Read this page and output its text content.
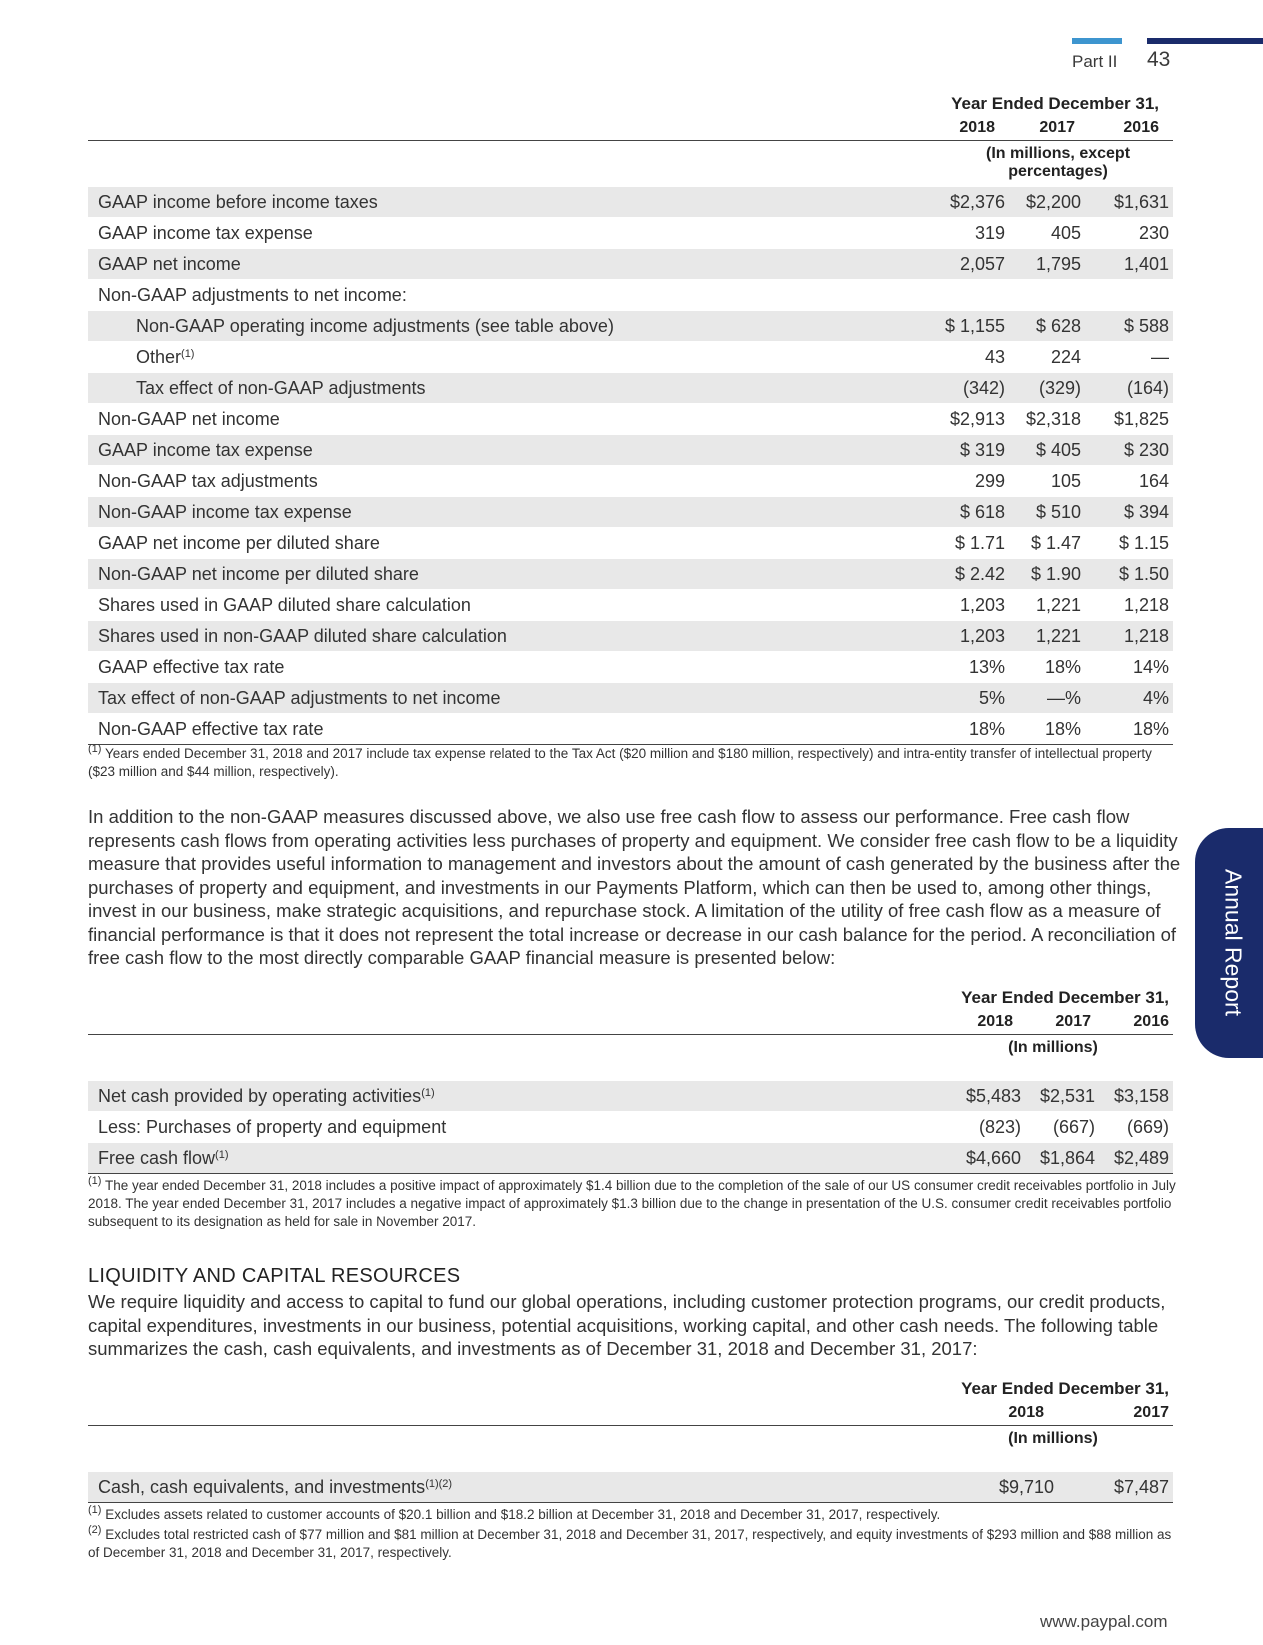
Part II 43
Annual Report
	Year Ended December 31,		
	2018	2017	2016
	(In millions, except percentages)		
GAAP income before income taxes	$2,376	$2,200	$1,631
GAAP income tax expense	319	405	230
GAAP net income	2,057	1,795	1,401
Non-GAAP adjustments to net income:			
Non-GAAP operating income adjustments (see table above)	$ 1,155	$ 628	$ 588
Other$^{(1)}$	43	224	—
Tax effect of non-GAAP adjustments	(342)	(329)	(164)
Non-GAAP net income	$2,913	$2,318	$1,825
GAAP income tax expense	$ 319	$ 405	$ 230
Non-GAAP tax adjustments	299	105	164
Non-GAAP income tax expense	$ 618	$ 510	$ 394
GAAP net income per diluted share	$ 1.71	$ 1.47	$ 1.15
Non-GAAP net income per diluted share	$ 2.42	$ 1.90	$ 1.50
Shares used in GAAP diluted share calculation	1,203	1,221	1,218
Shares used in non-GAAP diluted share calculation	1,203	1,221	1,218
GAAP effective tax rate	13%	18%	14%
Tax effect of non-GAAP adjustments to net income	5%	—%	4%
Non-GAAP effective tax rate	18%	18%	18%
$^{(1)}$ Years ended December 31, 2018 and 2017 include tax expense related to the Tax Act ($20 million and $180 million, respectively) and intra-entity transfer of intellectual property ($23 million and $44 million, respectively).
In addition to the non-GAAP measures discussed above, we also use free cash flow to assess our performance. Free cash flow represents cash flows from operating activities less purchases of property and equipment. We consider free cash flow to be a liquidity measure that provides useful information to management and investors about the amount of cash generated by the business after the purchases of property and equipment, and investments in our Payments Platform, which can then be used to, among other things, invest in our business, make strategic acquisitions, and repurchase stock. A limitation of the utility of free cash flow as a measure of financial performance is that it does not represent the total increase or decrease in our cash balance for the period. A reconciliation of free cash flow to the most directly comparable GAAP financial measure is presented below:
	Year Ended December 31,		
	2018	2017	2016
	(In millions)		
Net cash provided by operating activities$^{(1)}$	$5,483	$2,531	$3,158
Less: Purchases of property and equipment	(823)	(667)	(669)
Free cash flow$^{(1)}$	$4,660	$1,864	$2,489
$^{(1)}$ The year ended December 31, 2018 includes a positive impact of approximately $1.4 billion due to the completion of the sale of our US consumer credit receivables portfolio in July 2018. The year ended December 31, 2017 includes a negative impact of approximately $1.3 billion due to the change in presentation of the U.S. consumer credit receivables portfolio subsequent to its designation as held for sale in November 2017.
LIQUIDITY AND CAPITAL RESOURCES
We require liquidity and access to capital to fund our global operations, including customer protection programs, our credit products, capital expenditures, investments in our business, potential acquisitions, working capital, and other cash needs. The following table summarizes the cash, cash equivalents, and investments as of December 31, 2018 and December 31, 2017:
	Year Ended December 31,	
	2018	2017
	(In millions)	
Cash, cash equivalents, and investments$^{(1)(2)}$	$9,710	$7,487
$^{(1)}$ Excludes assets related to customer accounts of $20.1 billion and $18.2 billion at December 31, 2018 and December 31, 2017, respectively.
$^{(2)}$ Excludes total restricted cash of $77 million and $81 million at December 31, 2018 and December 31, 2017, respectively, and equity investments of $293 million and $88 million as of December 31, 2018 and December 31, 2017, respectively.
www.paypal.com
